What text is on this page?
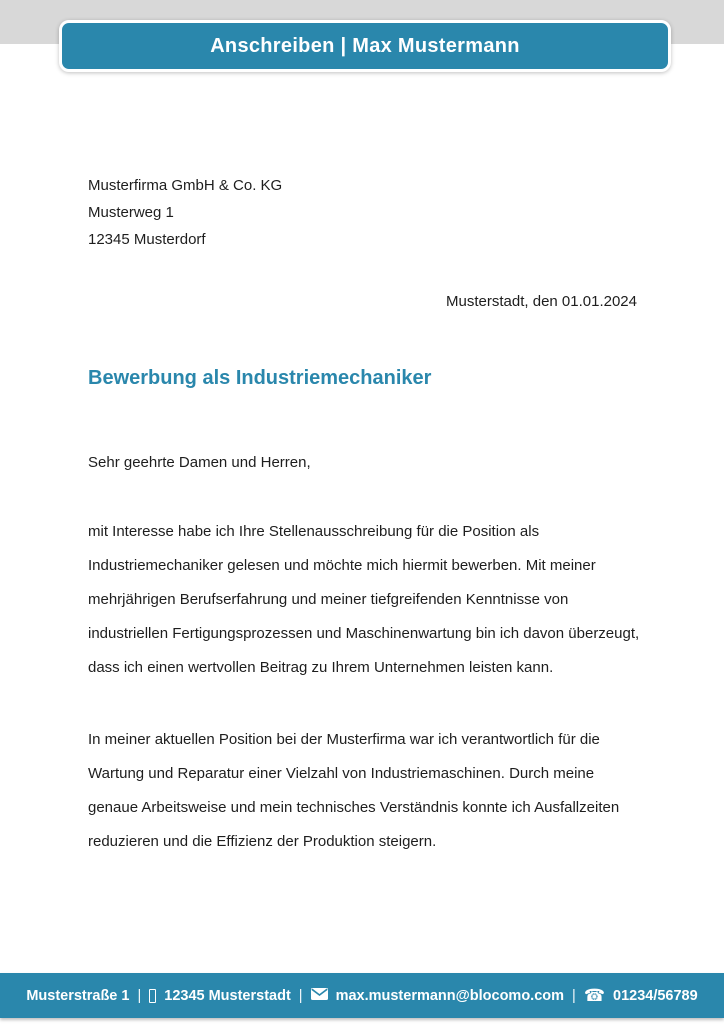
Anschreiben | Max Mustermann
Musterfirma GmbH & Co. KG
Musterweg 1
12345 Musterdorf
Musterstadt, den 01.01.2024
Bewerbung als Industriemechaniker
Sehr geehrte Damen und Herren,
mit Interesse habe ich Ihre Stellenausschreibung für die Position als
Industriemechaniker gelesen und möchte mich hiermit bewerben. Mit meiner
mehrjährigen Berufserfahrung und meiner tiefgreifenden Kenntnisse von
industriellen Fertigungsprozessen und Maschinenwartung bin ich davon überzeugt,
dass ich einen wertvollen Beitrag zu Ihrem Unternehmen leisten kann.
In meiner aktuellen Position bei der Musterfirma war ich verantwortlich für die
Wartung und Reparatur einer Vielzahl von Industriemaschinen. Durch meine
genaue Arbeitsweise und mein technisches Verständnis konnte ich Ausfallzeiten
reduzieren und die Effizienz der Produktion steigern.
Musterstraße 1 | 12345 Musterstadt | max.mustermann@blocomo.com | ☎ 01234/56789
